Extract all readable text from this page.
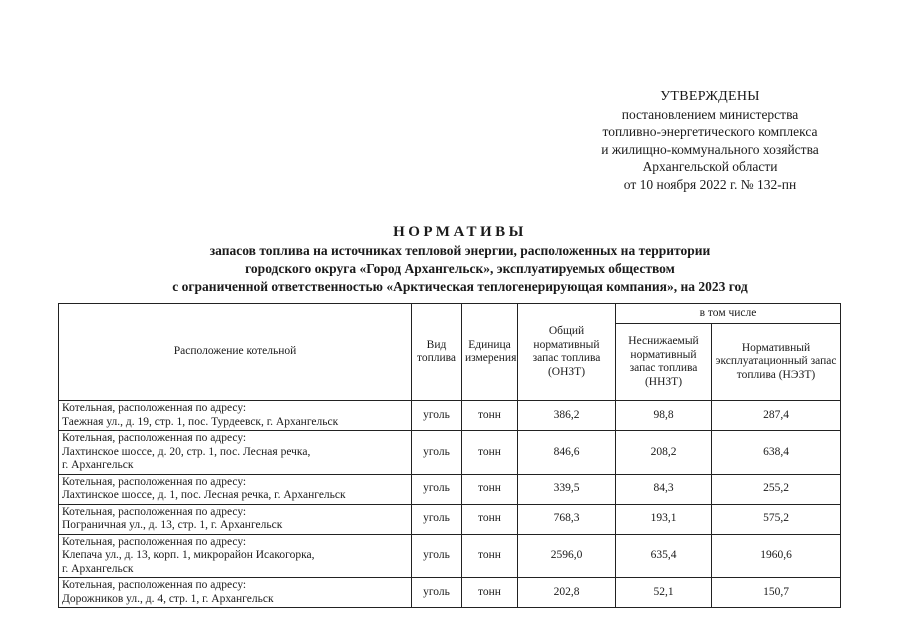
УТВЕРЖДЕНЫ
постановлением министерства
топливно-энергетического комплекса
и жилищно-коммунального хозяйства
Архангельской области
от 10 ноября 2022 г. № 132-пн
НОРМАТИВЫ
запасов топлива на источниках тепловой энергии, расположенных на территории
городского округа «Город Архангельск», эксплуатируемых обществом
с ограниченной ответственностью «Арктическая теплогенерирующая компания», на 2023 год
Расположение котельной	Вид топлива	Единица измерения	Общий нормативный запас топлива (ОНЗТ)	в том числе	
				Неснижаемый нормативный запас топлива (ННЗТ)	Нормативный эксплуатационный запас топлива (НЭЗТ)

Котельная, расположенная по адресу:
Таежная ул., д. 19, стр. 1, пос. Турдеевск, г. Архангельск	уголь	тонн	386,2	98,8	287,4

Котельная, расположенная по адресу:
Лахтинское шоссе, д. 20, стр. 1, пос. Лесная речка,
г. Архангельск	уголь	тонн	846,6	208,2	638,4

Котельная, расположенная по адресу:
Лахтинское шоссе, д. 1, пос. Лесная речка, г. Архангельск	уголь	тонн	339,5	84,3	255,2

Котельная, расположенная по адресу:
Пограничная ул., д. 13, стр. 1, г. Архангельск	уголь	тонн	768,3	193,1	575,2

Котельная, расположенная по адресу:
Клепача ул., д. 13, корп. 1, микрорайон Исакогорка,
г. Архангельск	уголь	тонн	2596,0	635,4	1960,6

Котельная, расположенная по адресу:
Дорожников ул., д. 4, стр. 1, г. Архангельск	уголь	тонн	202,8	52,1	150,7
